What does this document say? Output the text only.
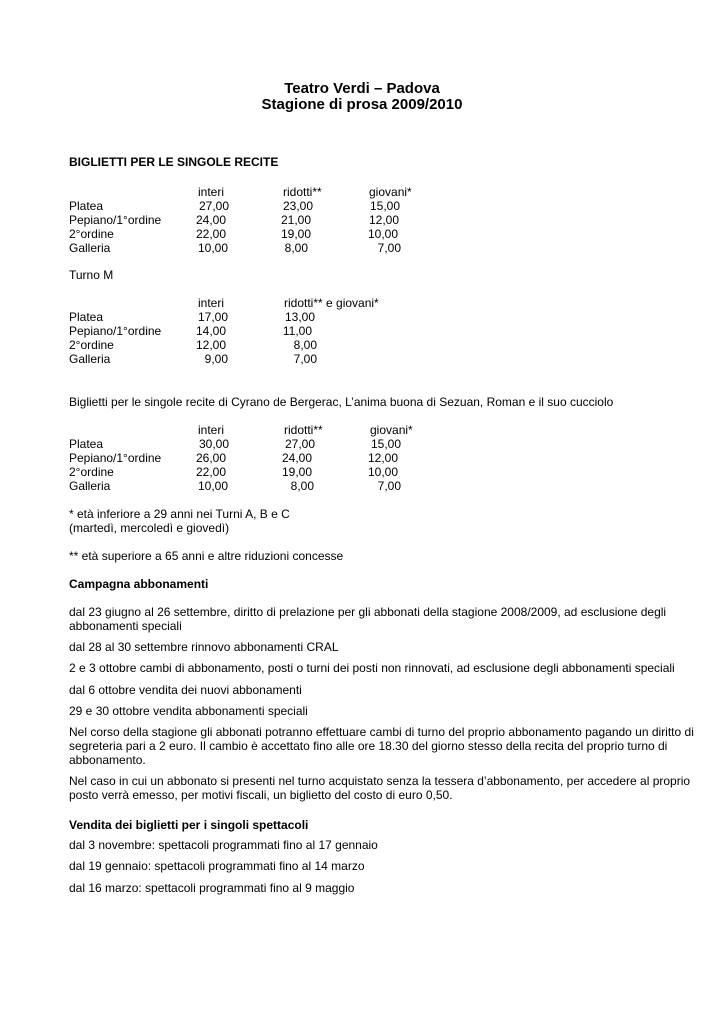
Teatro Verdi – Padova
Stagione di prosa 2009/2010
BIGLIETTI PER LE SINGOLE RECITE
interi	ridotti**	giovani*
Platea	27,00	23,00	15,00
Pepiano/1°ordine	24,00	21,00	12,00
2°ordine	22,00	19,00	10,00
Galleria	10,00	8,00	7,00
Turno M
interi	ridotti** e giovani*
Platea	17,00	13,00
Pepiano/1°ordine	14,00	11,00
2°ordine	12,00	8,00
Galleria	9,00	7,00
Biglietti per le singole recite di Cyrano de Bergerac, L’anima buona di Sezuan, Roman e il suo cucciolo
interi	ridotti**	giovani*
Platea	30,00	27,00	15,00
Pepiano/1°ordine	26,00	24,00	12,00
2°ordine	22,00	19,00	10,00
Galleria	10,00	8,00	7,00
* età inferiore a 29 anni nei Turni A, B e C
(martedì, mercoledì e giovedì)
** età superiore a 65 anni e altre riduzioni concesse
Campagna abbonamenti
dal 23 giugno al 26 settembre, diritto di prelazione per gli abbonati della stagione 2008/2009, ad esclusione degli abbonamenti speciali
dal 28 al 30 settembre rinnovo abbonamenti CRAL
2 e 3 ottobre cambi di abbonamento, posti o turni dei posti non rinnovati, ad esclusione degli abbonamenti speciali
dal 6 ottobre vendita dei nuovi abbonamenti
29 e 30 ottobre vendita abbonamenti speciali
Nel corso della stagione gli abbonati potranno effettuare cambi di turno del proprio abbonamento pagando un diritto di segreteria pari a 2 euro. Il cambio è accettato fino alle ore 18.30 del giorno stesso della recita del proprio turno di abbonamento.
Nel caso in cui un abbonato si presenti nel turno acquistato senza la tessera d’abbonamento, per accedere al proprio posto verrà emesso, per motivi fiscali, un biglietto del costo di euro 0,50.
Vendita dei biglietti per i singoli spettacoli
dal 3 novembre: spettacoli programmati fino al 17 gennaio
dal 19 gennaio: spettacoli programmati fino al 14 marzo
dal 16 marzo: spettacoli programmati fino al 9 maggio
